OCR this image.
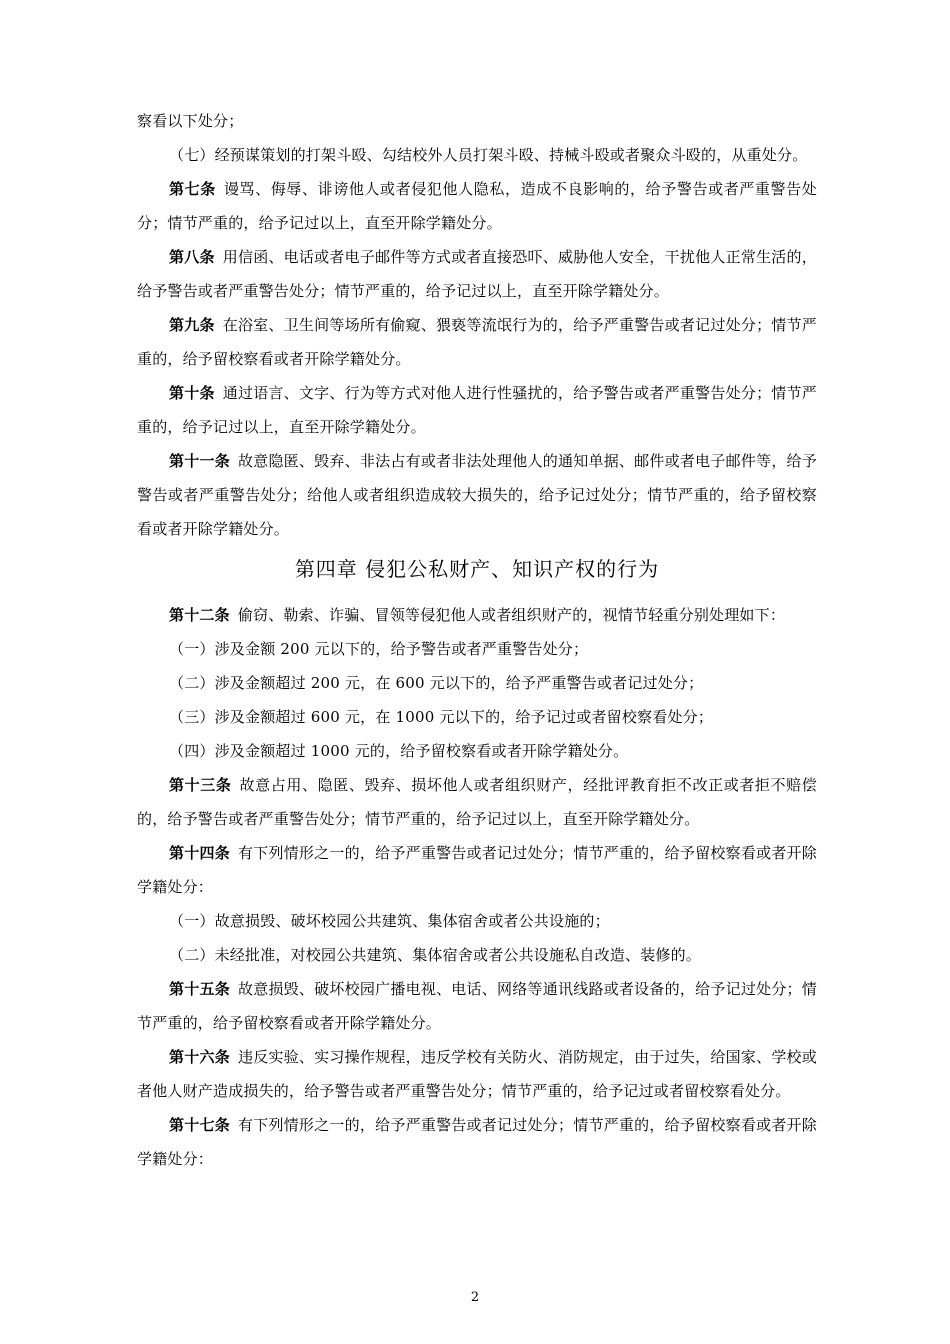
察看以下处分；

（七）经预谋策划的打架斗殴、勾结校外人员打架斗殴、持械斗殴或者聚众斗殴的，从重处分。

第七条 谩骂、侮辱、诽谤他人或者侵犯他人隐私，造成不良影响的，给予警告或者严重警告处分；情节严重的，给予记过以上，直至开除学籍处分。

第八条 用信函、电话或者电子邮件等方式或者直接恐吓、威胁他人安全，干扰他人正常生活的，给予警告或者严重警告处分；情节严重的，给予记过以上，直至开除学籍处分。

第九条 在浴室、卫生间等场所有偷窥、猥亵等流氓行为的，给予严重警告或者记过处分；情节严重的，给予留校察看或者开除学籍处分。

第十条 通过语言、文字、行为等方式对他人进行性骚扰的，给予警告或者严重警告处分；情节严重的，给予记过以上，直至开除学籍处分。

第十一条 故意隐匿、毁弃、非法占有或者非法处理他人的通知单据、邮件或者电子邮件等，给予警告或者严重警告处分；给他人或者组织造成较大损失的，给予记过处分；情节严重的，给予留校察看或者开除学籍处分。

第四章 侵犯公私财产、知识产权的行为

第十二条 偷窃、勒索、诈骗、冒领等侵犯他人或者组织财产的，视情节轻重分别处理如下：

（一）涉及金额 200 元以下的，给予警告或者严重警告处分；

（二）涉及金额超过 200 元，在 600 元以下的，给予严重警告或者记过处分；

（三）涉及金额超过 600 元，在 1000 元以下的，给予记过或者留校察看处分；

（四）涉及金额超过 1000 元的，给予留校察看或者开除学籍处分。

第十三条 故意占用、隐匿、毁弃、损坏他人或者组织财产，经批评教育拒不改正或者拒不赔偿的，给予警告或者严重警告处分；情节严重的，给予记过以上，直至开除学籍处分。

第十四条 有下列情形之一的，给予严重警告或者记过处分；情节严重的，给予留校察看或者开除学籍处分：

（一）故意损毁、破坏校园公共建筑、集体宿舍或者公共设施的；

（二）未经批准，对校园公共建筑、集体宿舍或者公共设施私自改造、装修的。

第十五条 故意损毁、破坏校园广播电视、电话、网络等通讯线路或者设备的，给予记过处分；情节严重的，给予留校察看或者开除学籍处分。

第十六条 违反实验、实习操作规程，违反学校有关防火、消防规定，由于过失，给国家、学校或者他人财产造成损失的，给予警告或者严重警告处分；情节严重的，给予记过或者留校察看处分。

第十七条 有下列情形之一的，给予严重警告或者记过处分；情节严重的，给予留校察看或者开除学籍处分：

2
